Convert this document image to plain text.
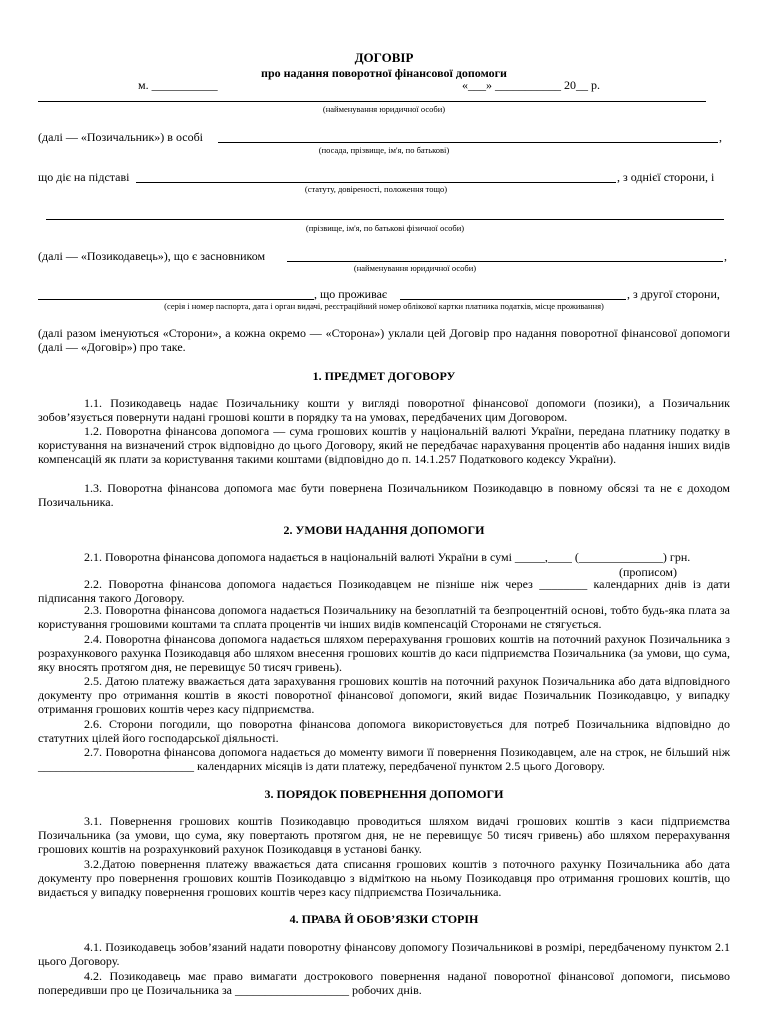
ДОГОВІР
про надання поворотної фінансової допомоги
м. ___________	«___» ___________ 20__ р.
(найменування юридичної особи)
(далі — «Позичальник») в особі	,
(посада, прізвище, ім'я, по батькові)
що діє на підставі	, з однієї сторони, і
(статуту, довіреності, положення тощо)
(прізвище, ім'я, по батькові фізичної особи)
(далі — «Позикодавець»), що є засновником	,
(найменування юридичної особи)
, що проживає	, з другої сторони,
(серія і номер паспорта, дата і орган видачі, реєстраційний номер облікової картки платника податків, місце проживання)

(далі разом іменуються «Сторони», а кожна окремо — «Сторона») уклали цей Договір про надання поворотної фінансової допомоги (далі — «Договір») про таке.

1. ПРЕДМЕТ ДОГОВОРУ

1.1. Позикодавець надає Позичальнику кошти у вигляді поворотної фінансової допомоги (позики), а Позичальник зобов’язується повернути надані грошові кошти в порядку та на умовах, передбачених цим Договором.

1.2. Поворотна фінансова допомога — сума грошових коштів у національній валюті України, передана платнику податку в користування на визначений строк відповідно до цього Договору, який не передбачає нарахування процентів або надання інших видів компенсацій як плати за користування такими коштами (відповідно до п. 14.1.257 Податкового кодексу України).

1.3. Поворотна фінансова допомога має бути повернена Позичальником Позикодавцю в повному обсязі та не є доходом Позичальника.

2. УМОВИ НАДАННЯ ДОПОМОГИ

2.1. Поворотна фінансова допомога надається в національній валюті України в сумі _____,____ (______________) грн.

(прописом)

2.2. Поворотна фінансова допомога надається Позикодавцем не пізніше ніж через ________ календарних днів із дати підписання такого Договору.

2.3. Поворотна фінансова допомога надається Позичальнику на безоплатній та безпроцентній основі, тобто будь-яка плата за користування грошовими коштами та сплата процентів чи інших видів компенсацій Сторонами не стягується.

2.4. Поворотна фінансова допомога надається шляхом перерахування грошових коштів на поточний рахунок Позичальника з розрахункового рахунка Позикодавця або шляхом внесення грошових коштів до каси підприємства Позичальника (за умови, що сума, яку вносять протягом дня, не перевищує 50 тисяч гривень).

2.5. Датою платежу вважається дата зарахування грошових коштів на поточний рахунок Позичальника або дата відповідного документу про отримання коштів в якості поворотної фінансової допомоги, який видає Позичальник Позикодавцю, у випадку отримання грошових коштів через касу підприємства.

2.6. Сторони погодили, що поворотна фінансова допомога використовується для потреб Позичальника відповідно до статутних цілей його господарської діяльності.

2.7. Поворотна фінансова допомога надається до моменту вимоги її повернення Позикодавцем, але на строк, не більший ніж __________________________ календарних місяців із дати платежу, передбаченої пунктом 2.5 цього Договору.

3. ПОРЯДОК ПОВЕРНЕННЯ ДОПОМОГИ

3.1. Повернення грошових коштів Позикодавцю проводиться шляхом видачі грошових коштів з каси підприємства Позичальника (за умови, що сума, яку повертають протягом дня, не не перевищує 50 тисяч гривень) або шляхом перерахування грошових коштів на розрахунковий рахунок Позикодавця в установі банку.

3.2.Датою повернення платежу вважається дата списання грошових коштів з поточного рахунку Позичальника або дата документу про повернення грошових коштів Позикодавцю з відміткою на ньому Позикодавця про отримання грошових коштів, що видається у випадку повернення грошових коштів через касу підприємства Позичальника.

4. ПРАВА Й ОБОВ’ЯЗКИ СТОРІН

4.1. Позикодавець зобов’язаний надати поворотну фінансову допомогу Позичальникові в розмірі, передбаченому пунктом 2.1 цього Договору.

4.2. Позикодавець має право вимагати дострокового повернення наданої поворотної фінансової допомоги, письмово попередивши про це Позичальника за ___________________ робочих днів.
